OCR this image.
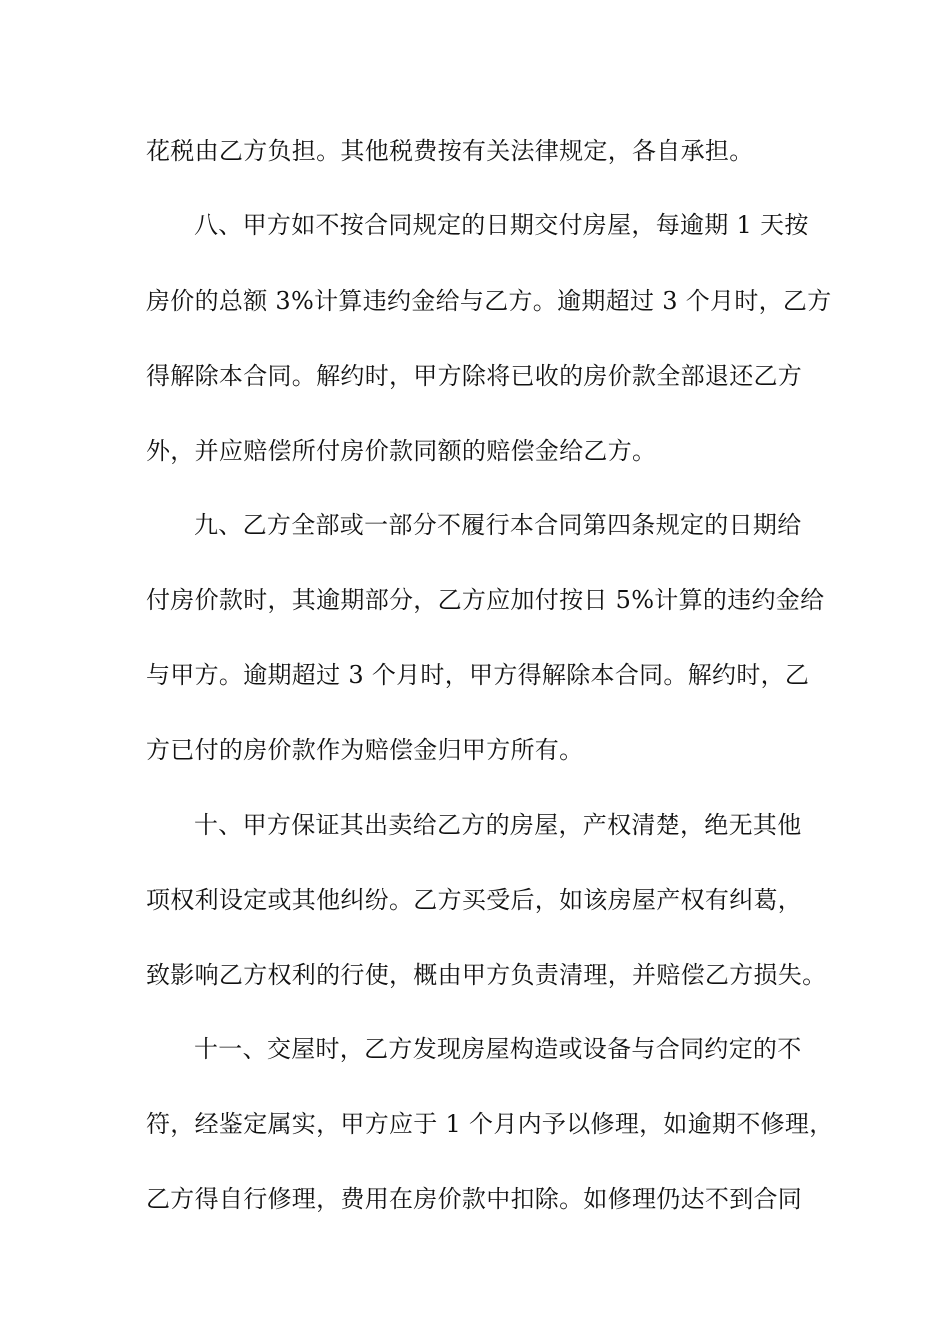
花税由乙方负担。其他税费按有关法律规定，各自承担。
八、甲方如不按合同规定的日期交付房屋，每逾期 1 天按
房价的总额 3%计算违约金给与乙方。逾期超过 3 个月时，乙方
得解除本合同。解约时，甲方除将已收的房价款全部退还乙方
外，并应赔偿所付房价款同额的赔偿金给乙方。
九、乙方全部或一部分不履行本合同第四条规定的日期给
付房价款时，其逾期部分，乙方应加付按日 5%计算的违约金给
与甲方。逾期超过 3 个月时，甲方得解除本合同。解约时，乙
方已付的房价款作为赔偿金归甲方所有。
十、甲方保证其出卖给乙方的房屋，产权清楚，绝无其他
项权利设定或其他纠纷。乙方买受后，如该房屋产权有纠葛，
致影响乙方权利的行使，概由甲方负责清理，并赔偿乙方损失。
十一、交屋时，乙方发现房屋构造或设备与合同约定的不
符，经鉴定属实，甲方应于 1 个月内予以修理，如逾期不修理，
乙方得自行修理，费用在房价款中扣除。如修理仍达不到合同
